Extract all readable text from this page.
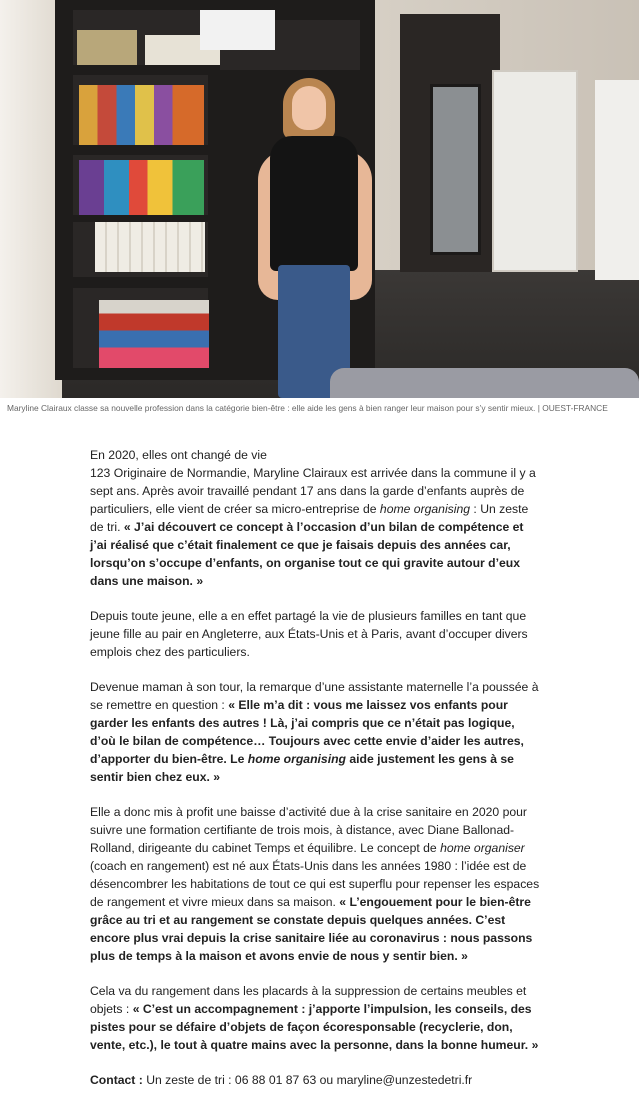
Maryline Clairaux classe sa nouvelle profession dans la catégorie bien-être : elle aide les gens à bien ranger leur maison pour s’y sentir mieux. | OUEST-FRANCE

En 2020, elles ont changé de vie
123 Originaire de Normandie, Maryline Clairaux est arrivée dans la commune il y a sept ans. Après avoir travaillé pendant 17 ans dans la garde d’enfants auprès de particuliers, elle vient de créer sa micro-entreprise de home organising : Un zeste de tri. « J’ai découvert ce concept à l’occasion d’un bilan de compétence et j’ai réalisé que c’était finalement ce que je faisais depuis des années car, lorsqu’on s’occupe d’enfants, on organise tout ce qui gravite autour d’eux dans une maison. »

Depuis toute jeune, elle a en effet partagé la vie de plusieurs familles en tant que jeune fille au pair en Angleterre, aux États-Unis et à Paris, avant d’occuper divers emplois chez des particuliers.

Devenue maman à son tour, la remarque d’une assistante maternelle l’a poussée à se remettre en question : « Elle m’a dit : vous me laissez vos enfants pour garder les enfants des autres ! Là, j’ai compris que ce n’était pas logique, d’où le bilan de compétence… Toujours avec cette envie d’aider les autres, d’apporter du bien-être. Le home organising aide justement les gens à se sentir bien chez eux. »

Elle a donc mis à profit une baisse d’activité due à la crise sanitaire en 2020 pour suivre une formation certifiante de trois mois, à distance, avec Diane Ballonad-Rolland, dirigeante du cabinet Temps et équilibre. Le concept de home organiser (coach en rangement) est né aux États-Unis dans les années 1980 : l’idée est de désencombrer les habitations de tout ce qui est superflu pour repenser les espaces de rangement et vivre mieux dans sa maison. « L’engouement pour le bien-être grâce au tri et au rangement se constate depuis quelques années. C’est encore plus vrai depuis la crise sanitaire liée au coronavirus : nous passons plus de temps à la maison et avons envie de nous y sentir bien. »

Cela va du rangement dans les placards à la suppression de certains meubles et objets : « C’est un accompagnement : j’apporte l’impulsion, les conseils, des pistes pour se défaire d’objets de façon écoresponsable (recyclerie, don, vente, etc.), le tout à quatre mains avec la personne, dans la bonne humeur. »

Contact : Un zeste de tri : 06 88 01 87 63 ou maryline@unzestedetri.fr
